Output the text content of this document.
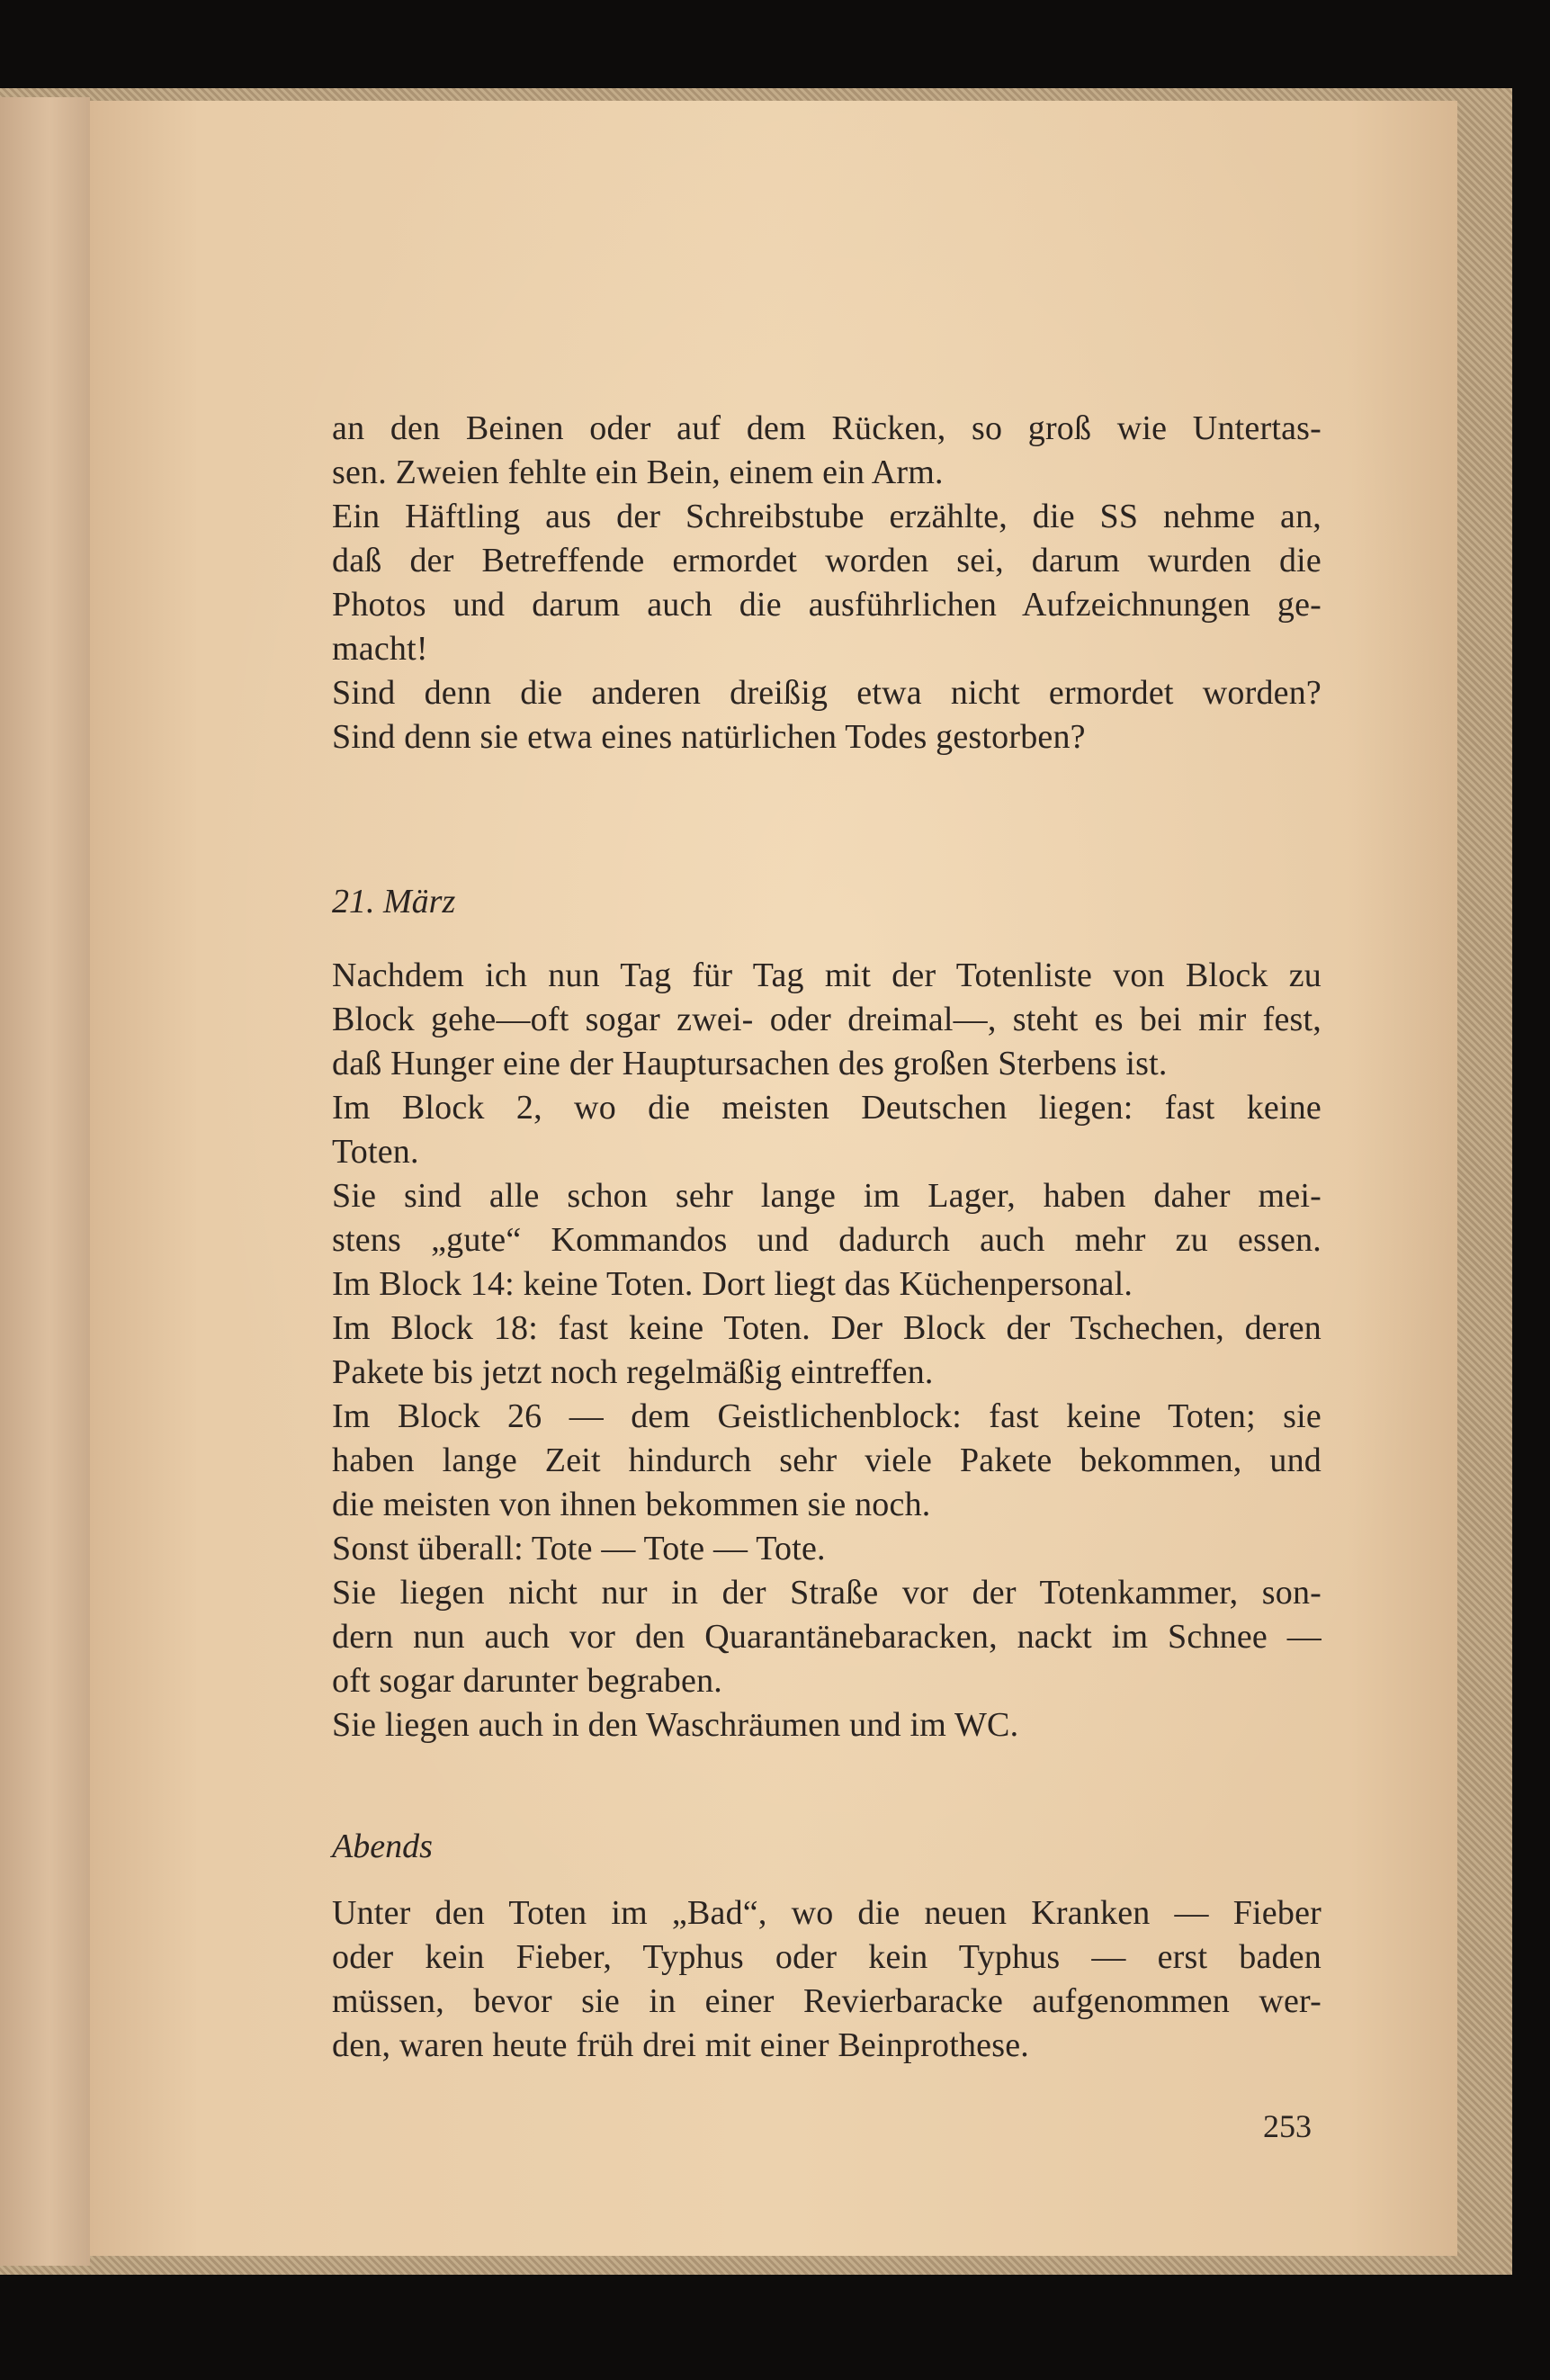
an den Beinen oder auf dem Rücken, so groß wie Untertas-
sen. Zweien fehlte ein Bein, einem ein Arm.
Ein Häftling aus der Schreibstube erzählte, die SS nehme an,
daß der Betreffende ermordet worden sei, darum wurden die
Photos und darum auch die ausführlichen Aufzeichnungen ge-
macht!
Sind denn die anderen dreißig etwa nicht ermordet worden?
Sind denn sie etwa eines natürlichen Todes gestorben?
21. März
Nachdem ich nun Tag für Tag mit der Totenliste von Block zu
Block gehe—oft sogar zwei- oder dreimal—, steht es bei mir fest,
daß Hunger eine der Hauptursachen des großen Sterbens ist.
Im Block 2, wo die meisten Deutschen liegen: fast keine
Toten.
Sie sind alle schon sehr lange im Lager, haben daher mei-
stens „gute“ Kommandos und dadurch auch mehr zu essen.
Im Block 14: keine Toten. Dort liegt das Küchenpersonal.
Im Block 18: fast keine Toten. Der Block der Tschechen, deren
Pakete bis jetzt noch regelmäßig eintreffen.
Im Block 26 — dem Geistlichenblock: fast keine Toten; sie
haben lange Zeit hindurch sehr viele Pakete bekommen, und
die meisten von ihnen bekommen sie noch.
Sonst überall: Tote — Tote — Tote.
Sie liegen nicht nur in der Straße vor der Totenkammer, son-
dern nun auch vor den Quarantänebaracken, nackt im Schnee —
oft sogar darunter begraben.
Sie liegen auch in den Waschräumen und im WC.
Abends
Unter den Toten im „Bad“, wo die neuen Kranken — Fieber
oder kein Fieber, Typhus oder kein Typhus — erst baden
müssen, bevor sie in einer Revierbaracke aufgenommen wer-
den, waren heute früh drei mit einer Beinprothese.
253
